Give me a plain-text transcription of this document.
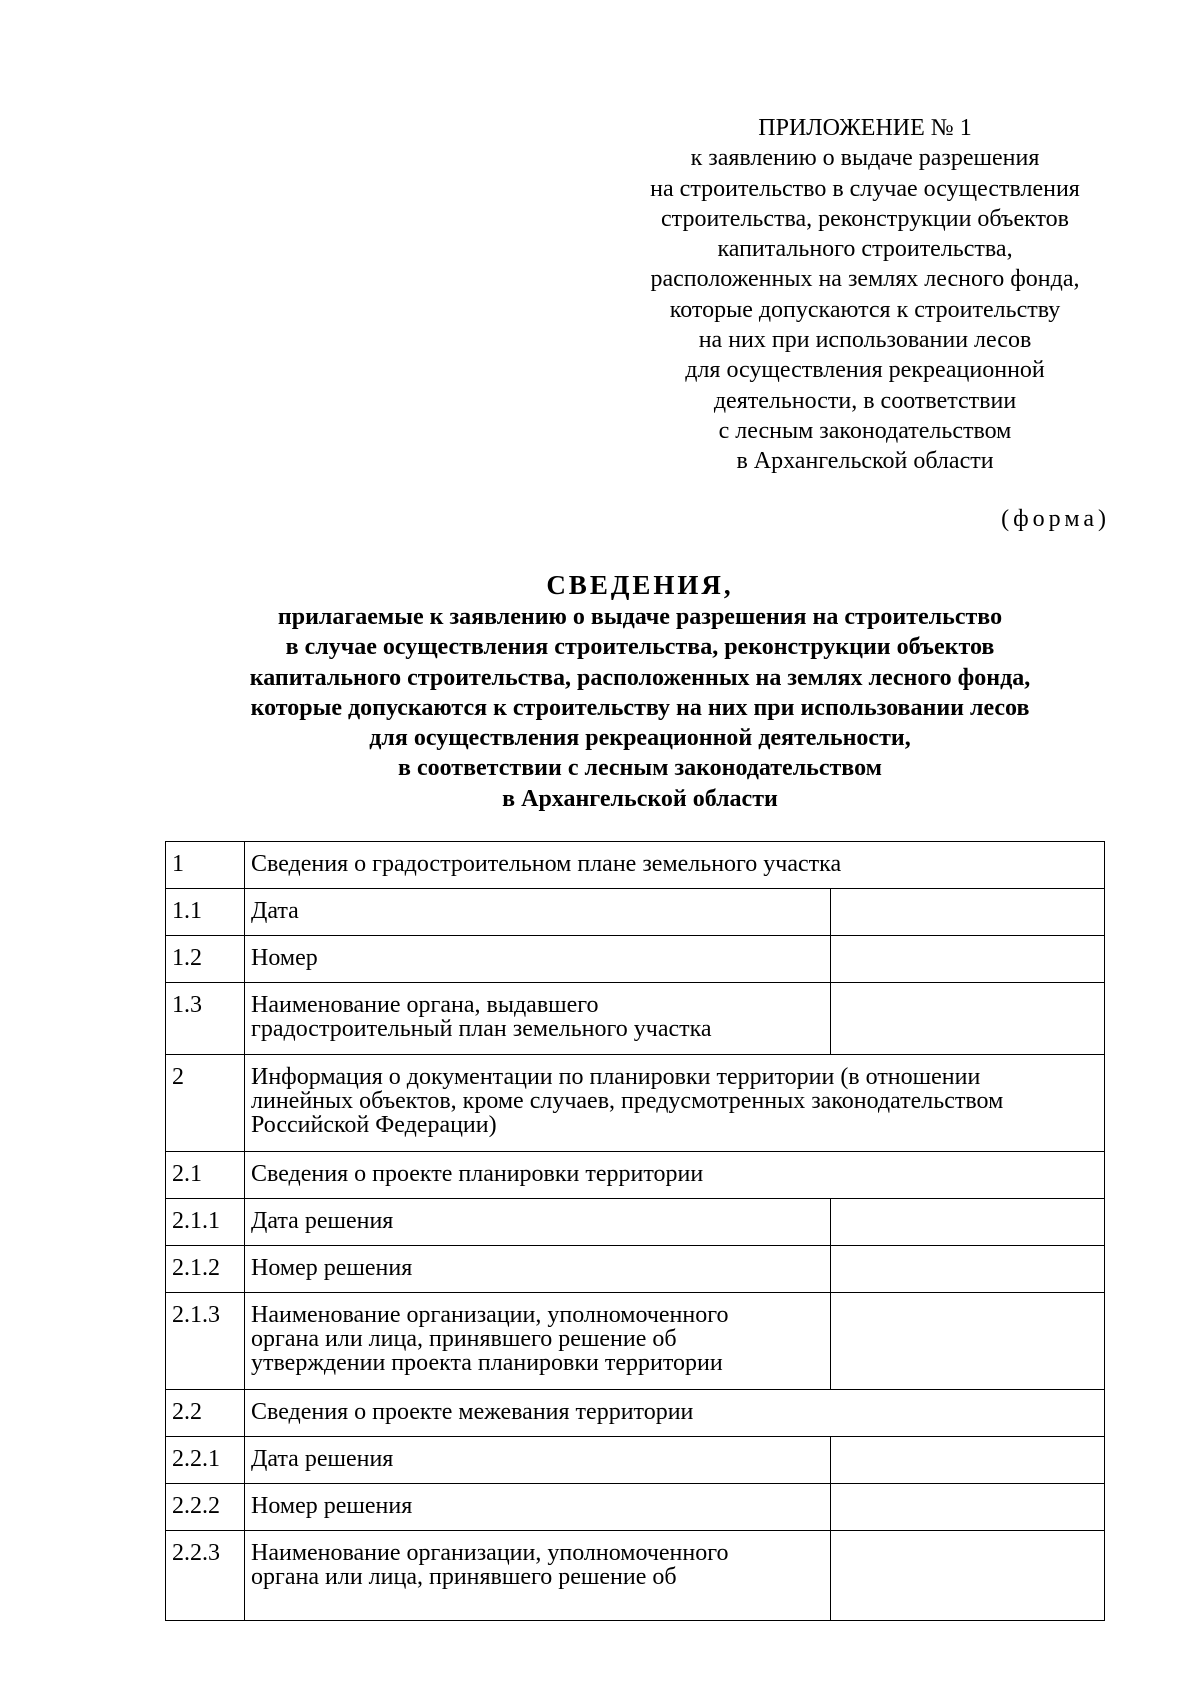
ПРИЛОЖЕНИЕ № 1
к заявлению о выдаче разрешения
на строительство в случае осуществления
строительства, реконструкции объектов
капитального строительства,
расположенных на землях лесного фонда,
которые допускаются к строительству
на них при использовании лесов
для осуществления рекреационной
деятельности, в соответствии
с лесным законодательством
в Архангельской области
(форма)
СВЕДЕНИЯ,
прилагаемые к заявлению о выдаче разрешения на строительство
в случае осуществления строительства, реконструкции объектов
капитального строительства, расположенных на землях лесного фонда,
которые допускаются к строительству на них при использовании лесов
для осуществления рекреационной деятельности,
в соответствии с лесным законодательством
в Архангельской области
1	Сведения о градостроительном плане земельного участка	
1.1	Дата	
1.2	Номер	
1.3	Наименование органа, выдавшего
градостроительный план земельного участка	
2	Информация о документации по планировки территории (в отношении
линейных объектов, кроме случаев, предусмотренных законодательством
Российской Федерации)	
2.1	Сведения о проекте планировки территории	
2.1.1	Дата решения	
2.1.2	Номер решения	
2.1.3	Наименование организации, уполномоченного
органа или лица, принявшего решение об
утверждении проекта планировки территории	
2.2	Сведения о проекте межевания территории	
2.2.1	Дата решения	
2.2.2	Номер решения	
2.2.3	Наименование организации, уполномоченного
органа или лица, принявшего решение об	
